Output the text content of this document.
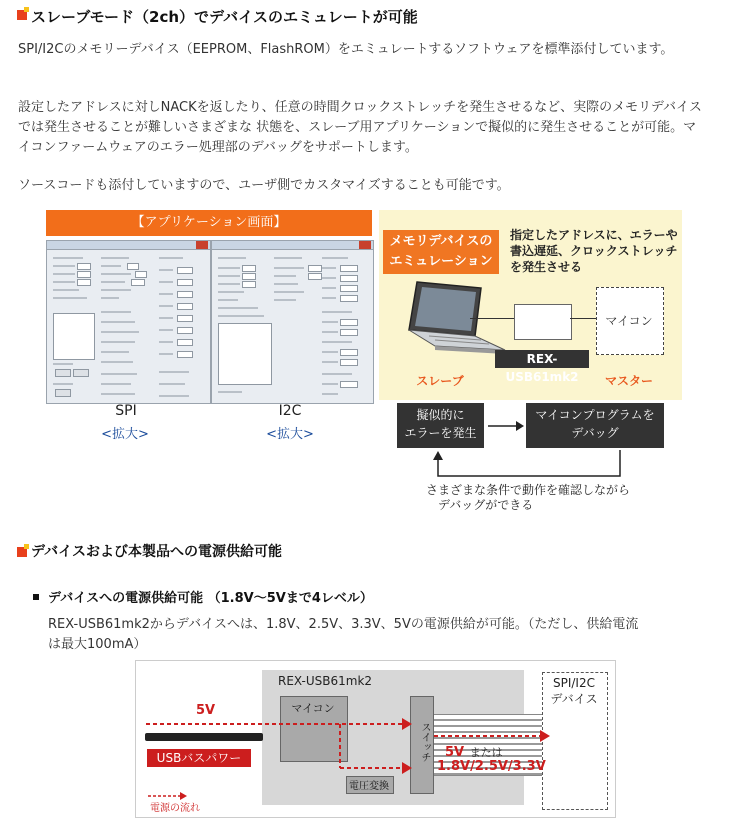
スレーブモード（2ch）でデバイスのエミュレートが可能
SPI/I2Cのメモリーデバイス（EEPROM、FlashROM）をエミュレートするソフトウェアを標準添付しています。
設定したアドレスに対しNACKを返したり、任意の時間クロックストレッチを発生させるなど、実際のメモリデバイスでは発生させることが難しいさまざまな 状態を、スレーブ用アプリケーションで擬似的に発生させることが可能。マイコンファームウェアのエラー処理部のデバッグをサポートします。
ソースコードも添付していますので、ユーザ側でカスタマイズすることも可能です。
【アプリケーション画面】
SPI
<拡大>
I2C
<拡大>
メモリデバイスの
エミュレーション
指定したアドレスに、エラーや
書込遅延、クロックストレッチ
を発生させる
マイコン
REX-USB61mk2
スレーブ	マスター
擬似的に
エラーを発生
マイコンプログラムを
デバッグ
さまざまな条件で動作を確認しながら
デバッグができる
デバイスおよび本製品への電源供給可能
デバイスへの電源供給可能 （1.8V～5Vまで4レベル）
REX-USB61mk2からデバイスへは、1.8V、2.5V、3.3V、5Vの電源供給が可能。（ただし、供給電流
は最大100mA）
REX-USB61mk2	SPI/I2C
デバイス
マイコン
電圧変換
スイッチ
USBバスパワー
5V
5V または
1.8V/2.5V/3.3V
電源の流れ
